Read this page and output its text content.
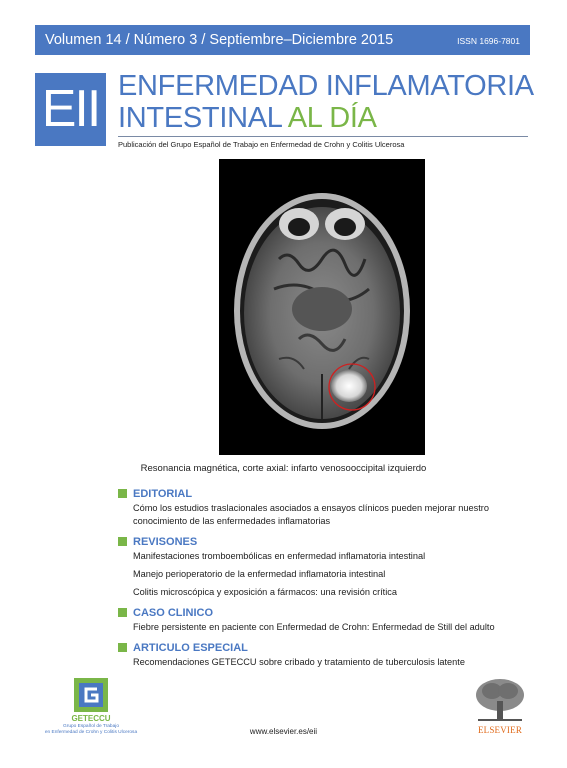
Volumen 14 / Número 3 / Septiembre–Diciembre 2015	ISSN 1696-7801
EII ENFERMEDAD INFLAMATORIA
INTESTINAL AL DÍA
Publicación del Grupo Español de Trabajo en Enfermedad de Crohn y Colitis Ulcerosa
Resonancia magnética, corte axial: infarto venosooccipital izquierdo
EDITORIAL
Cómo los estudios traslacionales asociados a ensayos clínicos pueden mejorar nuestro conocimiento de las enfermedades inflamatorias
REVISONES
Manifestaciones tromboembólicas en enfermedad inflamatoria intestinal
Manejo perioperatorio de la enfermedad inflamatoria intestinal
Colitis microscópica y exposición a fármacos: una revisión crítica
CASO CLINICO
Fiebre persistente en paciente con Enfermedad de Crohn: Enfermedad de Still del adulto
ARTICULO ESPECIAL
Recomendaciones GETECCU sobre cribado y tratamiento de tuberculosis latente
GETECCU
Grupo Español de Trabajo
en Enfermedad de Crohn y Colitis Ulcerosa	www.elsevier.es/eii	ELSEVIER
